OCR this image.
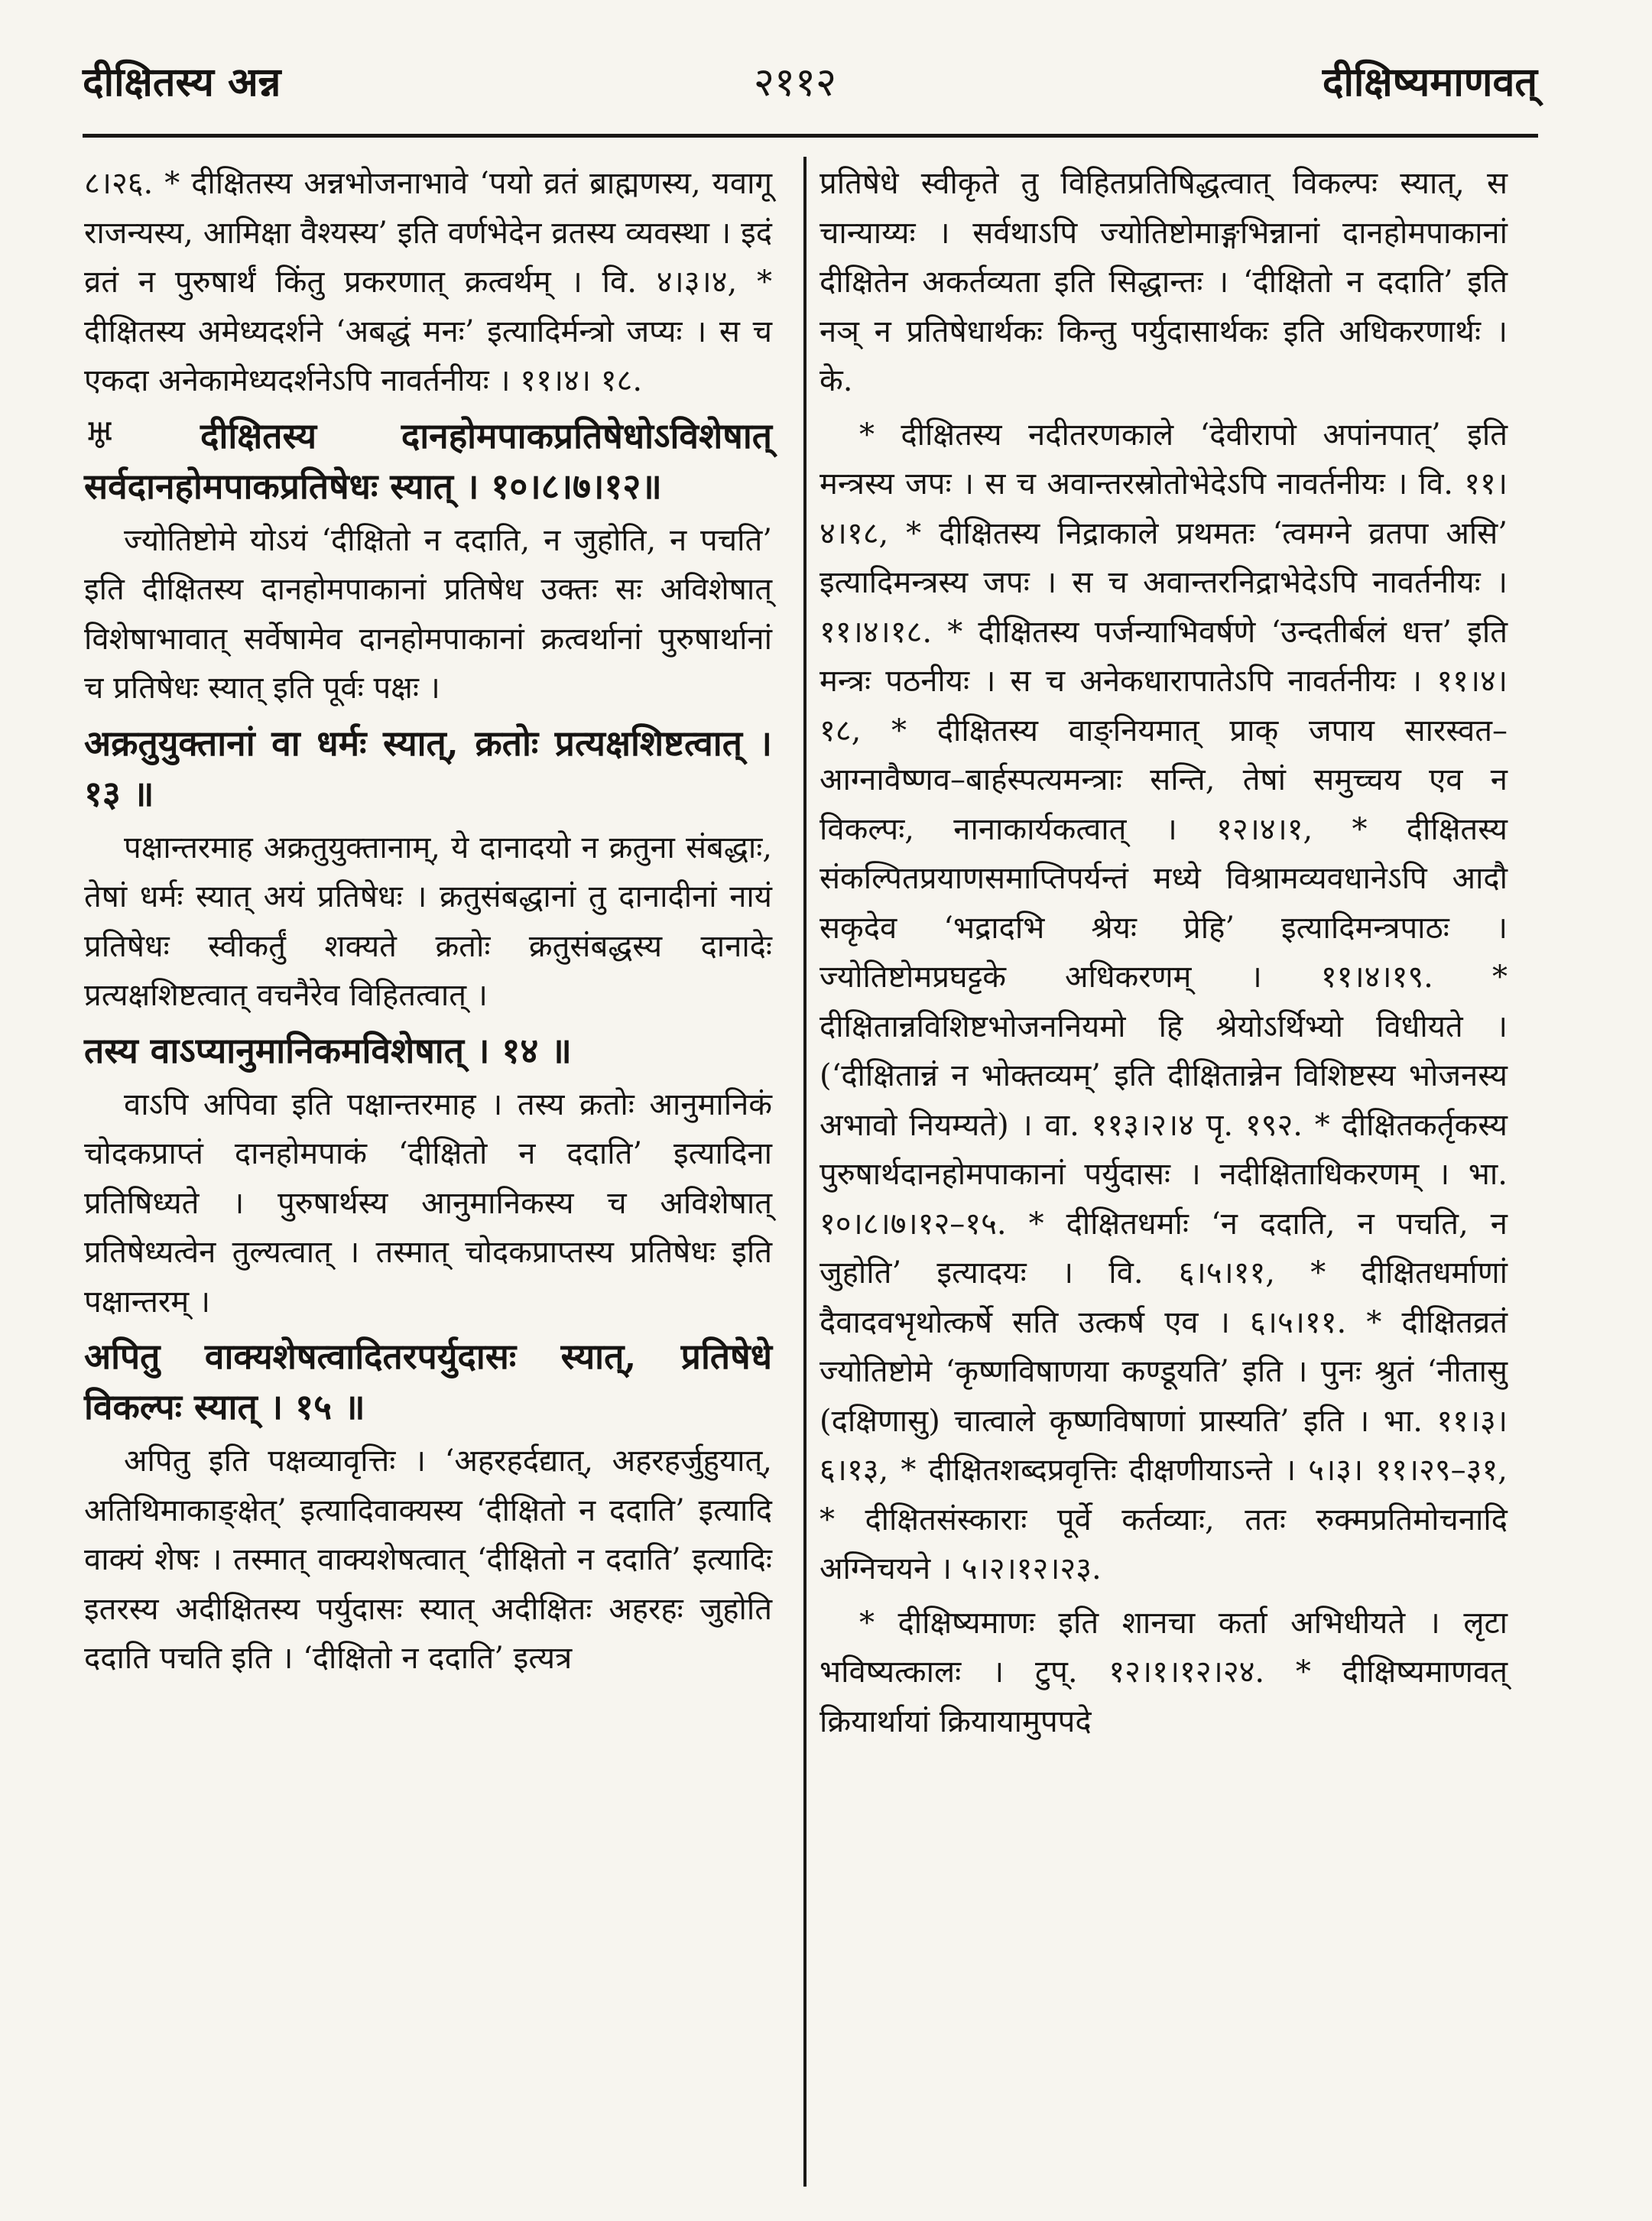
दीक्षितस्य अन्न	२११२	दीक्षिष्यमाणवत्

८।२६. * दीक्षितस्य अन्नभोजनाभावे ‘पयो व्रतं ब्राह्मणस्य, यवागू राजन्यस्य, आमिक्षा वैश्यस्य’ इति वर्णभेदेन व्रतस्य व्यवस्था । इदं व्रतं न पुरुषार्थं किंतु प्रकरणात् क्रत्वर्थम् । वि. ४।३।४, * दीक्षितस्य अमेध्यदर्शने ‘अबद्धं मनः’ इत्यादिर्मन्त्रो जप्यः । स च एकदा अनेकामेध्यदर्शनेऽपि नावर्तनीयः । ११।४। १८.

♅ दीक्षितस्य दानहोमपाकप्रतिषेधोऽविशेषात् सर्वदानहोमपाकप्रतिषेधः स्यात् । १०।८।७।१२॥

ज्योतिष्टोमे योऽयं ‘दीक्षितो न ददाति, न जुहोति, न पचति’ इति दीक्षितस्य दानहोमपाकानां प्रतिषेध उक्तः सः अविशेषात् विशेषाभावात् सर्वेषामेव दानहोमपाकानां क्रत्वर्थानां पुरुषार्थानां च प्रतिषेधः स्यात् इति पूर्वः पक्षः ।

अक्रतुयुक्तानां वा धर्मः स्यात्, क्रतोः प्रत्यक्षशिष्टत्वात् । १३ ॥

पक्षान्तरमाह अक्रतुयुक्तानाम्, ये दानादयो न क्रतुना संबद्धाः, तेषां धर्मः स्यात् अयं प्रतिषेधः । क्रतुसंबद्धानां तु दानादीनां नायं प्रतिषेधः स्वीकर्तुं शक्यते क्रतोः क्रतुसंबद्धस्य दानादेः प्रत्यक्षशिष्टत्वात् वचनैरेव विहितत्वात् ।

तस्य वाऽप्यानुमानिकमविशेषात् । १४ ॥

वाऽपि अपिवा इति पक्षान्तरमाह । तस्य क्रतोः आनुमानिकं चोदकप्राप्तं दानहोमपाकं ‘दीक्षितो न ददाति’ इत्यादिना प्रतिषिध्यते । पुरुषार्थस्य आनुमानिकस्य च अविशेषात् प्रतिषेध्यत्वेन तुल्यत्वात् । तस्मात् चोदकप्राप्तस्य प्रतिषेधः इति पक्षान्तरम् ।

अपितु वाक्यशेषत्वादितरपर्युदासः स्यात्, प्रतिषेधे विकल्पः स्यात् । १५ ॥

अपितु इति पक्षव्यावृत्तिः । ‘अहरहर्दद्यात्, अहरहर्जुहुयात्, अतिथिमाकाङ्क्षेत्’ इत्यादिवाक्यस्य ‘दीक्षितो न ददाति’ इत्यादि वाक्यं शेषः । तस्मात् वाक्यशेषत्वात् ‘दीक्षितो न ददाति’ इत्यादिः इतरस्य अदीक्षितस्य पर्युदासः स्यात् अदीक्षितः अहरहः जुहोति ददाति पचति इति । ‘दीक्षितो न ददाति’ इत्यत्र

प्रतिषेधे स्वीकृते तु विहितप्रतिषिद्धत्वात् विकल्पः स्यात्, स चान्याय्यः । सर्वथाऽपि ज्योतिष्टोमाङ्गभिन्नानां दानहोमपाकानां दीक्षितेन अकर्तव्यता इति सिद्धान्तः । ‘दीक्षितो न ददाति’ इति नञ् न प्रतिषेधार्थकः किन्तु पर्युदासार्थकः इति अधिकरणार्थः । के.

* दीक्षितस्य नदीतरणकाले ‘देवीरापो अपांनपात्’ इति मन्त्रस्य जपः । स च अवान्तरस्रोतोभेदेऽपि नावर्तनीयः । वि. ११।४।१८, * दीक्षितस्य निद्राकाले प्रथमतः ‘त्वमग्ने व्रतपा असि’ इत्यादिमन्त्रस्य जपः । स च अवान्तरनिद्राभेदेऽपि नावर्तनीयः । ११।४।१८. * दीक्षितस्य पर्जन्याभिवर्षणे ‘उन्दतीर्बलं धत्त’ इति मन्त्रः पठनीयः । स च अनेकधारापातेऽपि नावर्तनीयः । ११।४।१८, * दीक्षितस्य वाङ्नियमात् प्राक् जपाय सारस्वत–आग्नावैष्णव–बार्हस्पत्यमन्त्राः सन्ति, तेषां समुच्चय एव न विकल्पः, नानाकार्यकत्वात् । १२।४।१, * दीक्षितस्य संकल्पितप्रयाणसमाप्तिपर्यन्तं मध्ये विश्रामव्यवधानेऽपि आदौ सकृदेव ‘भद्रादभि श्रेयः प्रेहि’ इत्यादिमन्त्रपाठः । ज्योतिष्टोमप्रघट्टके अधिकरणम् । ११।४।१९. * दीक्षितान्नविशिष्टभोजननियमो हि श्रेयोऽर्थिभ्यो विधीयते । (‘दीक्षितान्नं न भोक्तव्यम्’ इति दीक्षितान्नेन विशिष्टस्य भोजनस्य अभावो नियम्यते) । वा. ११३।२।४ पृ. १९२. * दीक्षितकर्तृकस्य पुरुषार्थदानहोमपाकानां पर्युदासः । नदीक्षिताधिकरणम् । भा. १०।८।७।१२–१५. * दीक्षितधर्माः ‘न ददाति, न पचति, न जुहोति’ इत्यादयः । वि. ६।५।११, * दीक्षितधर्माणां दैवादवभृथोत्कर्षे सति उत्कर्ष एव । ६।५।११. * दीक्षितव्रतं ज्योतिष्टोमे ‘कृष्णविषाणया कण्डूयति’ इति । पुनः श्रुतं ‘नीतासु (दक्षिणासु) चात्वाले कृष्णविषाणां प्रास्यति’ इति । भा. ११।३। ६।१३, * दीक्षितशब्दप्रवृत्तिः दीक्षणीयाऽन्ते । ५।३। ११।२९–३१, * दीक्षितसंस्काराः पूर्वे कर्तव्याः, ततः रुक्मप्रतिमोचनादि अग्निचयने । ५।२।१२।२३.

* दीक्षिष्यमाणः इति शानचा कर्ता अभिधीयते । लृटा भविष्यत्कालः । टुप्. १२।१।१२।२४. * दीक्षिष्यमाणवत् क्रियार्थायां क्रियायामुपपदे
